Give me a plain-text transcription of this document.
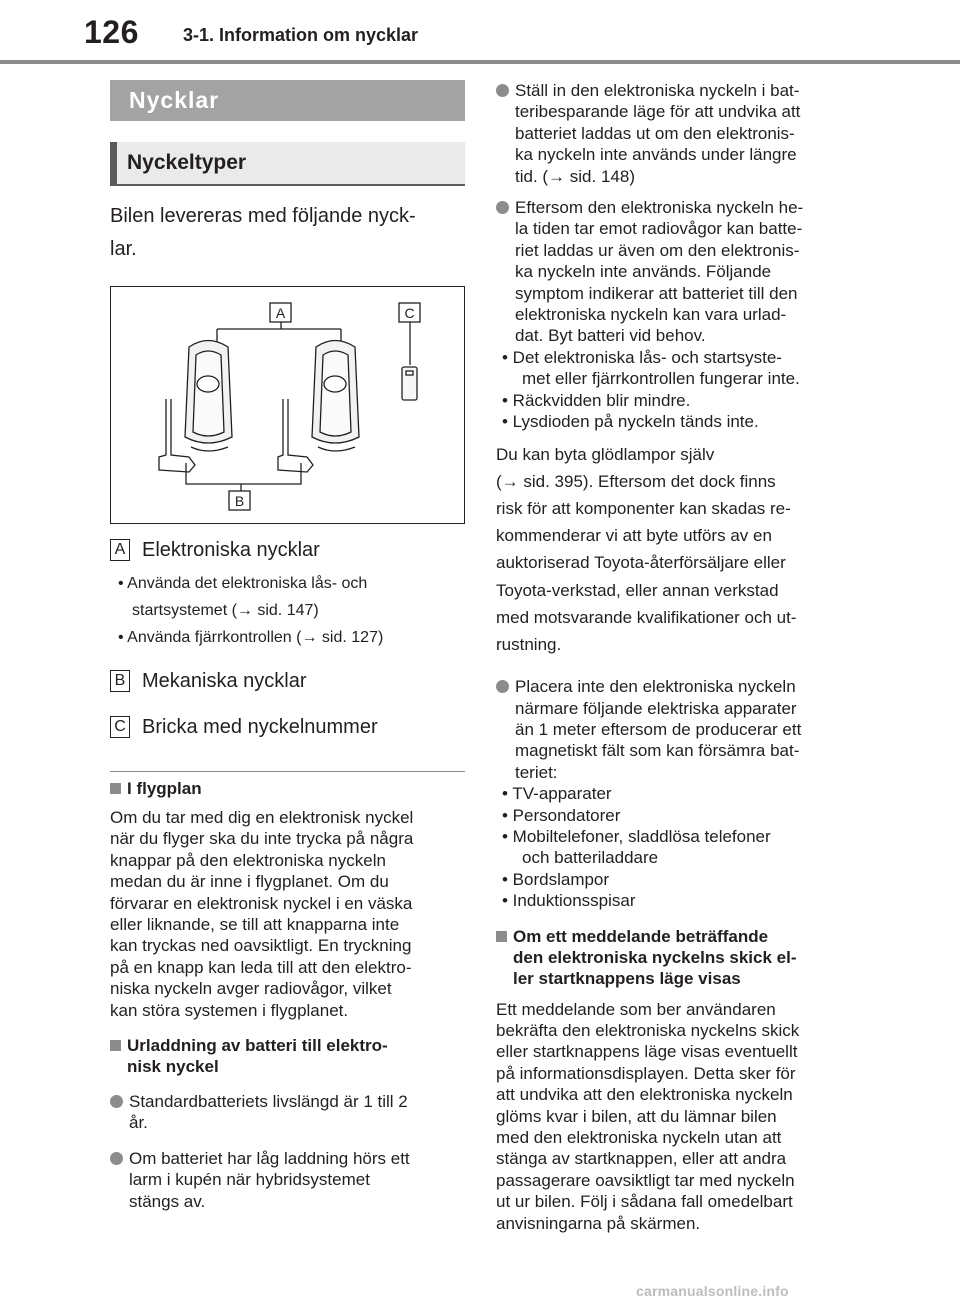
126 3-1. Information om nycklar
Nycklar
Nyckeltyper
Bilen levereras med följande nyck-
lar.
A	C
B
A Elektroniska nycklar
• Använda det elektroniska lås- och
startsystemet (→ sid. 147)
• Använda fjärrkontrollen (→ sid. 127)
B Mekaniska nycklar
C Bricka med nyckelnummer
I flygplan
Om du tar med dig en elektronisk nyckel
när du flyger ska du inte trycka på några
knappar på den elektroniska nyckeln
medan du är inne i flygplanet. Om du
förvarar en elektronisk nyckel i en väska
eller liknande, se till att knapparna inte
kan tryckas ned oavsiktligt. En tryckning
på en knapp kan leda till att den elektro-
niska nyckeln avger radiovågor, vilket
kan störa systemen i flygplanet.
Urladdning av batteri till elektro-
nisk nyckel
Standardbatteriets livslängd är 1 till 2
år.
Om batteriet har låg laddning hörs ett
larm i kupén när hybridsystemet
stängs av.
Ställ in den elektroniska nyckeln i bat-
teribesparande läge för att undvika att
batteriet laddas ut om den elektronis-
ka nyckeln inte används under längre
tid. (→ sid. 148)
Eftersom den elektroniska nyckeln he-
la tiden tar emot radiovågor kan batte-
riet laddas ur även om den elektronis-
ka nyckeln inte används. Följande
symptom indikerar att batteriet till den
elektroniska nyckeln kan vara urlad-
dat. Byt batteri vid behov.
• Det elektroniska lås- och startsyste-
met eller fjärrkontrollen fungerar inte.
• Räckvidden blir mindre.
• Lysdioden på nyckeln tänds inte.
Du kan byta glödlampor själv
(→ sid. 395). Eftersom det dock finns
risk för att komponenter kan skadas re-
kommenderar vi att byte utförs av en
auktoriserad Toyota-återförsäljare eller
Toyota-verkstad, eller annan verkstad
med motsvarande kvalifikationer och ut-
rustning.
Placera inte den elektroniska nyckeln
närmare följande elektriska apparater
än 1 meter eftersom de producerar ett
magnetiskt fält som kan försämra bat-
teriet:
• TV-apparater
• Persondatorer
• Mobiltelefoner, sladdlösa telefoner
och batteriladdare
• Bordslampor
• Induktionsspisar
Om ett meddelande beträffande
den elektroniska nyckelns skick el-
ler startknappens läge visas
Ett meddelande som ber användaren
bekräfta den elektroniska nyckelns skick
eller startknappens läge visas eventuellt
på informationsdisplayen. Detta sker för
att undvika att den elektroniska nyckeln
glöms kvar i bilen, att du lämnar bilen
med den elektroniska nyckeln utan att
stänga av startknappen, eller att andra
passagerare oavsiktligt tar med nyckeln
ut ur bilen. Följ i sådana fall omedelbart
anvisningarna på skärmen.
carmanualsonline.info
